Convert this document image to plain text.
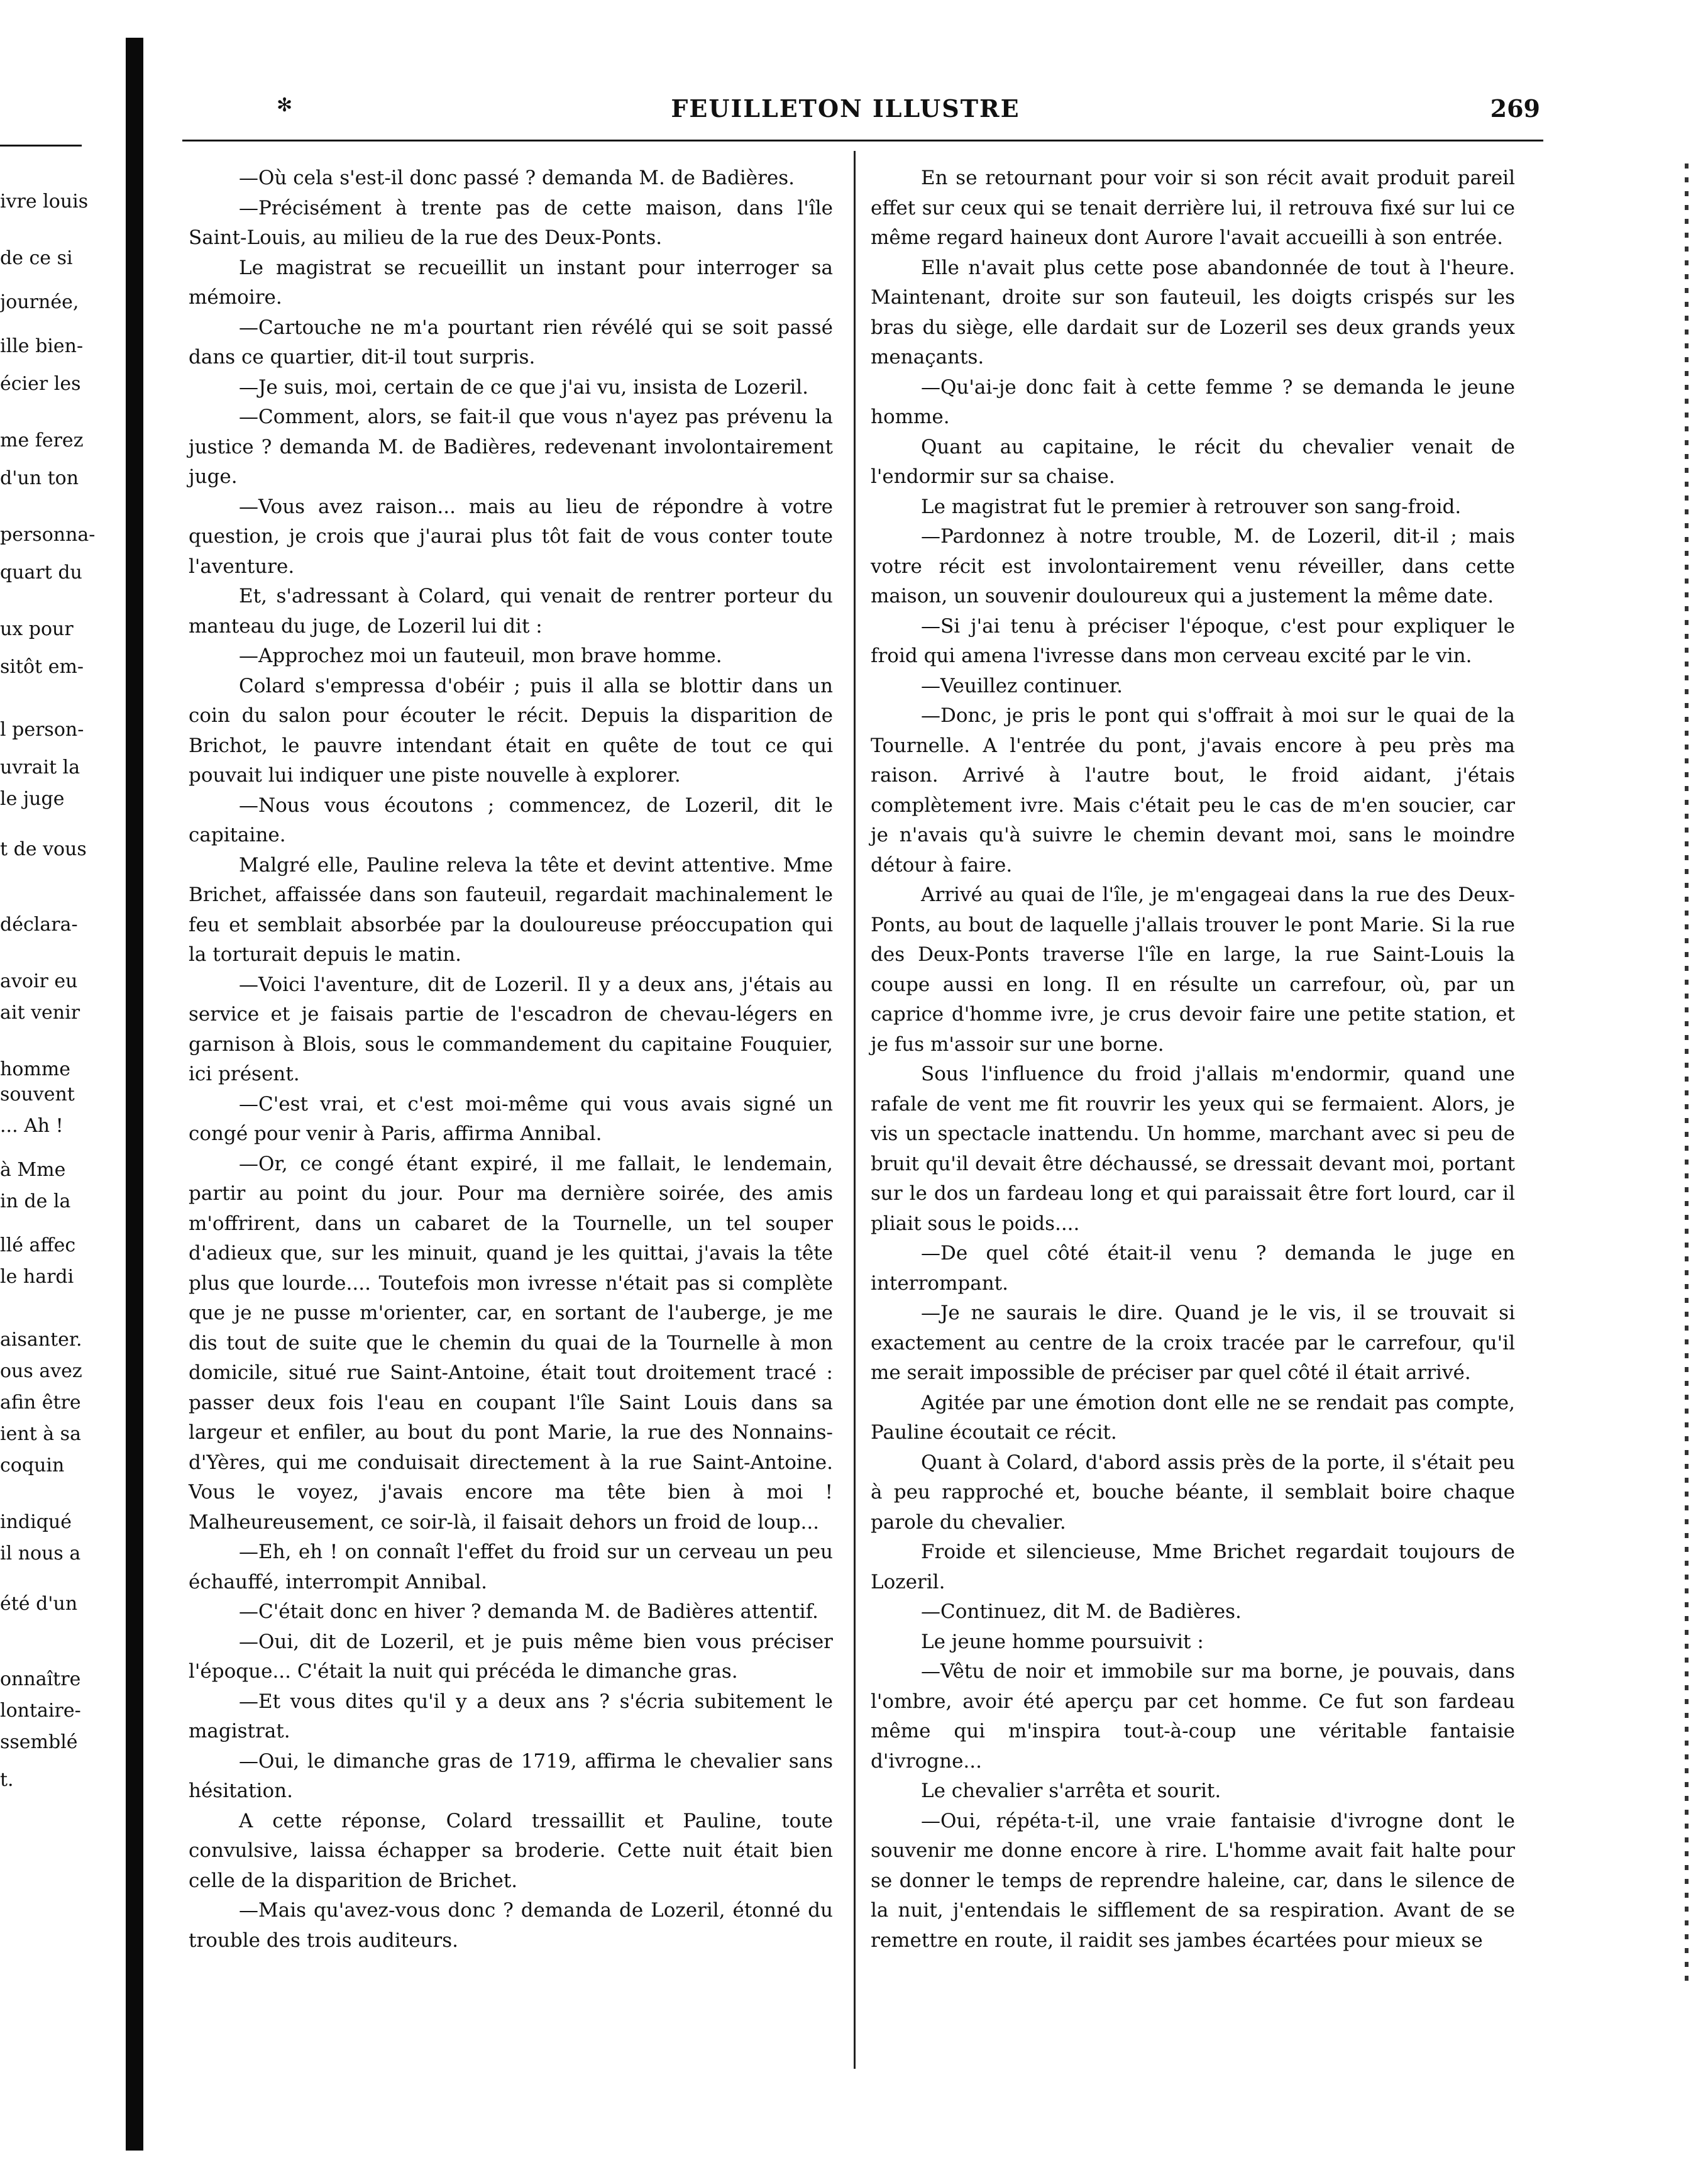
ivre louis
de ce si
journée,
ille bien-
écier les
me ferez
d'un ton
personna-
quart du
ux pour
sitôt em-
l person-
uvrait la
le juge
t de vous
déclara-
avoir eu
ait venir
homme
souvent
... Ah !
à Mme
in de la
llé affec
le hardi
aisanter.
ous avez
afin être
ient à sa
coquin
indiqué
il nous a
été d'un
onnaître
lontaire-
ssemblé
t.
✻	FEUILLETON ILLUSTRE	269

—Où cela s'est-il donc passé ? demanda M. de Badières.

—Précisément à trente pas de cette maison, dans l'île Saint-Louis, au milieu de la rue des Deux-Ponts.

Le magistrat se recueillit un instant pour interroger sa mémoire.

—Cartouche ne m'a pourtant rien révélé qui se soit passé dans ce quartier, dit-il tout surpris.

—Je suis, moi, certain de ce que j'ai vu, insista de Lozeril.

—Comment, alors, se fait-il que vous n'ayez pas prévenu la justice ? demanda M. de Badières, redevenant involontairement juge.

—Vous avez raison... mais au lieu de répondre à votre question, je crois que j'aurai plus tôt fait de vous conter toute l'aventure.

Et, s'adressant à Colard, qui venait de rentrer porteur du manteau du juge, de Lozeril lui dit :

—Approchez moi un fauteuil, mon brave homme.

Colard s'empressa d'obéir ; puis il alla se blottir dans un coin du salon pour écouter le récit. Depuis la disparition de Brichot, le pauvre intendant était en quête de tout ce qui pouvait lui indiquer une piste nouvelle à explorer.

—Nous vous écoutons ; commencez, de Lozeril, dit le capitaine.

Malgré elle, Pauline releva la tête et devint attentive. Mme Brichet, affaissée dans son fauteuil, regardait machinalement le feu et semblait absorbée par la douloureuse préoccupation qui la torturait depuis le matin.

—Voici l'aventure, dit de Lozeril. Il y a deux ans, j'étais au service et je faisais partie de l'escadron de chevau-légers en garnison à Blois, sous le commandement du capitaine Fouquier, ici présent.

—C'est vrai, et c'est moi-même qui vous avais signé un congé pour venir à Paris, affirma Annibal.

—Or, ce congé étant expiré, il me fallait, le lendemain, partir au point du jour. Pour ma dernière soirée, des amis m'offrirent, dans un cabaret de la Tournelle, un tel souper d'adieux que, sur les minuit, quand je les quittai, j'avais la tête plus que lourde.... Toutefois mon ivresse n'était pas si complète que je ne pusse m'orienter, car, en sortant de l'auberge, je me dis tout de suite que le chemin du quai de la Tournelle à mon domicile, situé rue Saint-Antoine, était tout droitement tracé : passer deux fois l'eau en coupant l'île Saint Louis dans sa largeur et enfiler, au bout du pont Marie, la rue des Nonnains-d'Yères, qui me conduisait directement à la rue Saint-Antoine. Vous le voyez, j'avais encore ma tête bien à moi ! Malheureusement, ce soir-là, il faisait dehors un froid de loup...

—Eh, eh ! on connaît l'effet du froid sur un cerveau un peu échauffé, interrompit Annibal.

—C'était donc en hiver ? demanda M. de Badières attentif.

—Oui, dit de Lozeril, et je puis même bien vous préciser l'époque... C'était la nuit qui précéda le dimanche gras.

—Et vous dites qu'il y a deux ans ? s'écria subitement le magistrat.

—Oui, le dimanche gras de 1719, affirma le chevalier sans hésitation.

A cette réponse, Colard tressaillit et Pauline, toute convulsive, laissa échapper sa broderie. Cette nuit était bien celle de la disparition de Brichet.

—Mais qu'avez-vous donc ? demanda de Lozeril, étonné du trouble des trois auditeurs.

En se retournant pour voir si son récit avait produit pareil effet sur ceux qui se tenait derrière lui, il retrouva fixé sur lui ce même regard haineux dont Aurore l'avait accueilli à son entrée.

Elle n'avait plus cette pose abandonnée de tout à l'heure. Maintenant, droite sur son fauteuil, les doigts crispés sur les bras du siège, elle dardait sur de Lozeril ses deux grands yeux menaçants.

—Qu'ai-je donc fait à cette femme ? se demanda le jeune homme.

Quant au capitaine, le récit du chevalier venait de l'endormir sur sa chaise.

Le magistrat fut le premier à retrouver son sang-froid.

—Pardonnez à notre trouble, M. de Lozeril, dit-il ; mais votre récit est involontairement venu réveiller, dans cette maison, un souvenir douloureux qui a justement la même date.

—Si j'ai tenu à préciser l'époque, c'est pour expliquer le froid qui amena l'ivresse dans mon cerveau excité par le vin.

—Veuillez continuer.

—Donc, je pris le pont qui s'offrait à moi sur le quai de la Tournelle. A l'entrée du pont, j'avais encore à peu près ma raison. Arrivé à l'autre bout, le froid aidant, j'étais complètement ivre. Mais c'était peu le cas de m'en soucier, car je n'avais qu'à suivre le chemin devant moi, sans le moindre détour à faire.

Arrivé au quai de l'île, je m'engageai dans la rue des Deux-Ponts, au bout de laquelle j'allais trouver le pont Marie. Si la rue des Deux-Ponts traverse l'île en large, la rue Saint-Louis la coupe aussi en long. Il en résulte un carrefour, où, par un caprice d'homme ivre, je crus devoir faire une petite station, et je fus m'assoir sur une borne.

Sous l'influence du froid j'allais m'endormir, quand une rafale de vent me fit rouvrir les yeux qui se fermaient. Alors, je vis un spectacle inattendu. Un homme, marchant avec si peu de bruit qu'il devait être déchaussé, se dressait devant moi, portant sur le dos un fardeau long et qui paraissait être fort lourd, car il pliait sous le poids....

—De quel côté était-il venu ? demanda le juge en interrompant.

—Je ne saurais le dire. Quand je le vis, il se trouvait si exactement au centre de la croix tracée par le carrefour, qu'il me serait impossible de préciser par quel côté il était arrivé.

Agitée par une émotion dont elle ne se rendait pas compte, Pauline écoutait ce récit.

Quant à Colard, d'abord assis près de la porte, il s'était peu à peu rapproché et, bouche béante, il semblait boire chaque parole du chevalier.

Froide et silencieuse, Mme Brichet regardait toujours de Lozeril.

—Continuez, dit M. de Badières.

Le jeune homme poursuivit :

—Vêtu de noir et immobile sur ma borne, je pouvais, dans l'ombre, avoir été aperçu par cet homme. Ce fut son fardeau même qui m'inspira tout-à-coup une véritable fantaisie d'ivrogne...

Le chevalier s'arrêta et sourit.

—Oui, répéta-t-il, une vraie fantaisie d'ivrogne dont le souvenir me donne encore à rire. L'homme avait fait halte pour se donner le temps de reprendre haleine, car, dans le silence de la nuit, j'entendais le sifflement de sa respiration. Avant de se remettre en route, il raidit ses jambes écartées pour mieux se
